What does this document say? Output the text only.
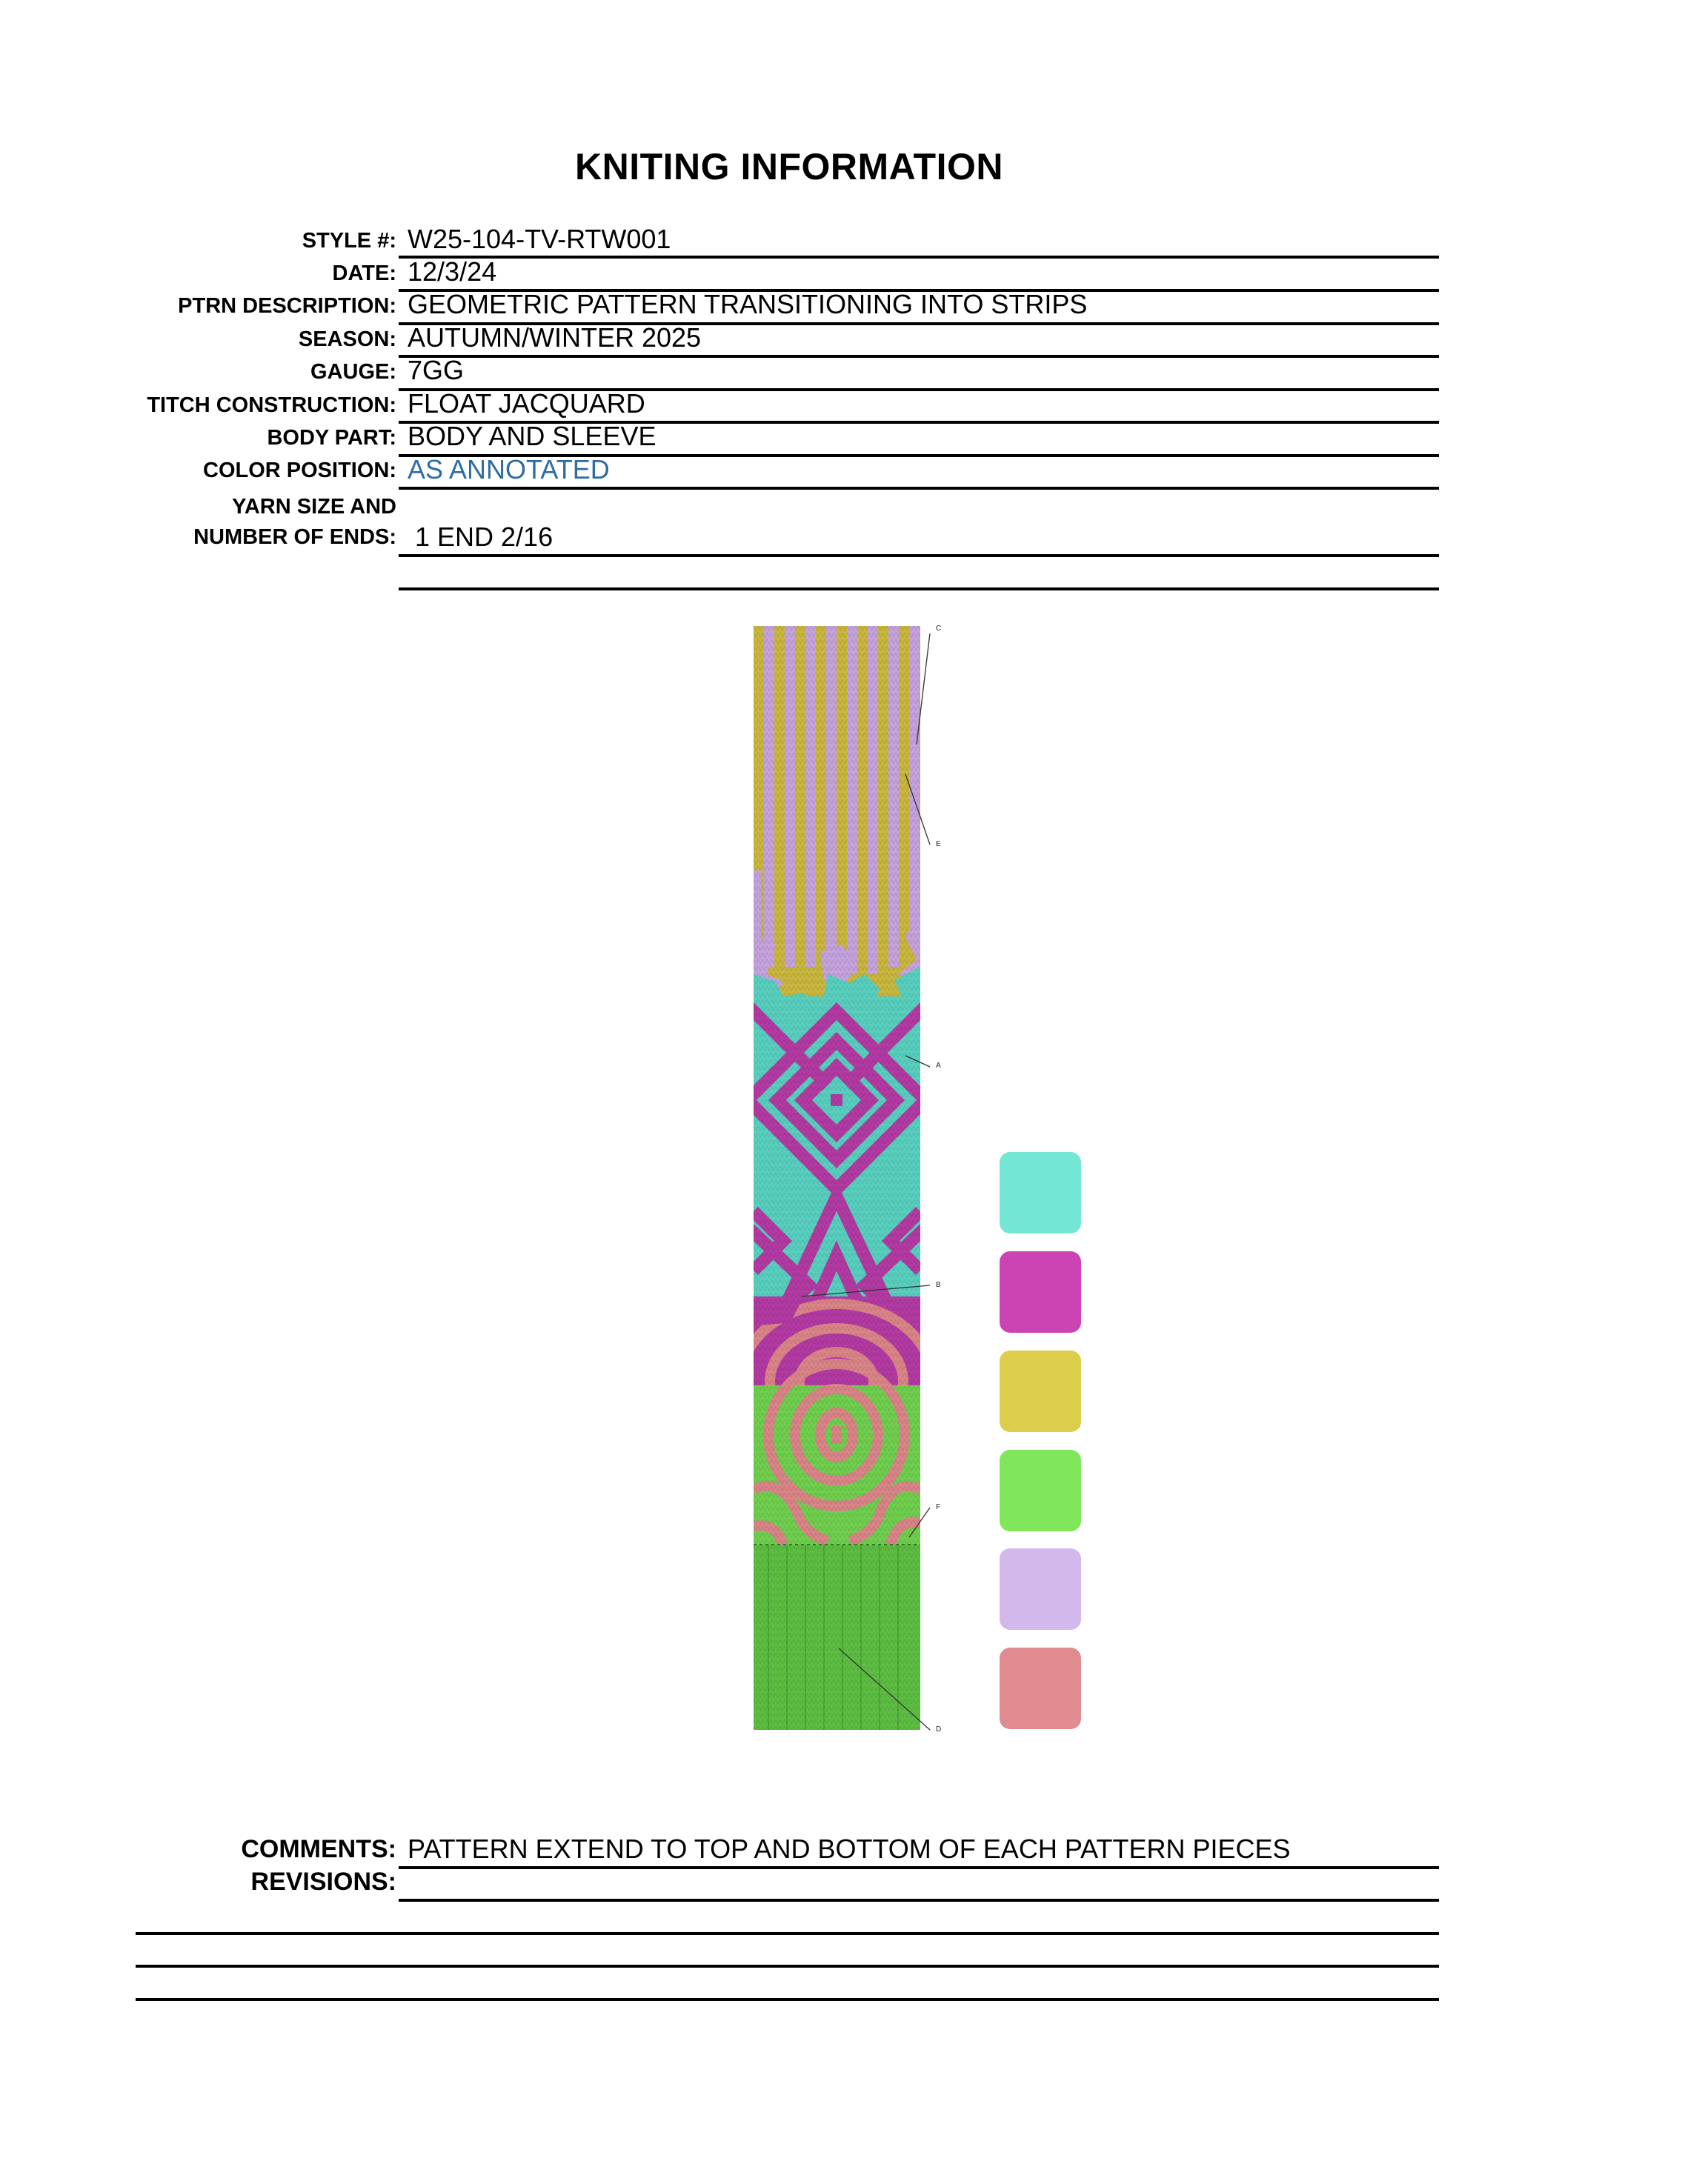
KNITING INFORMATION
STYLE #: W25-104-TV-RTW001
DATE: 12/3/24
PTRN DESCRIPTION: GEOMETRIC PATTERN TRANSITIONING INTO STRIPS
SEASON: AUTUMN/WINTER 2025
GAUGE: 7GG
TITCH CONSTRUCTION: FLOAT JACQUARD
BODY PART: BODY AND SLEEVE
COLOR POSITION: AS ANNOTATED
YARN SIZE AND
NUMBER OF ENDS: 1 END 2/16
C
E
A
B
F
D
COMMENTS: PATTERN EXTEND TO TOP AND BOTTOM OF EACH PATTERN PIECES
REVISIONS:
